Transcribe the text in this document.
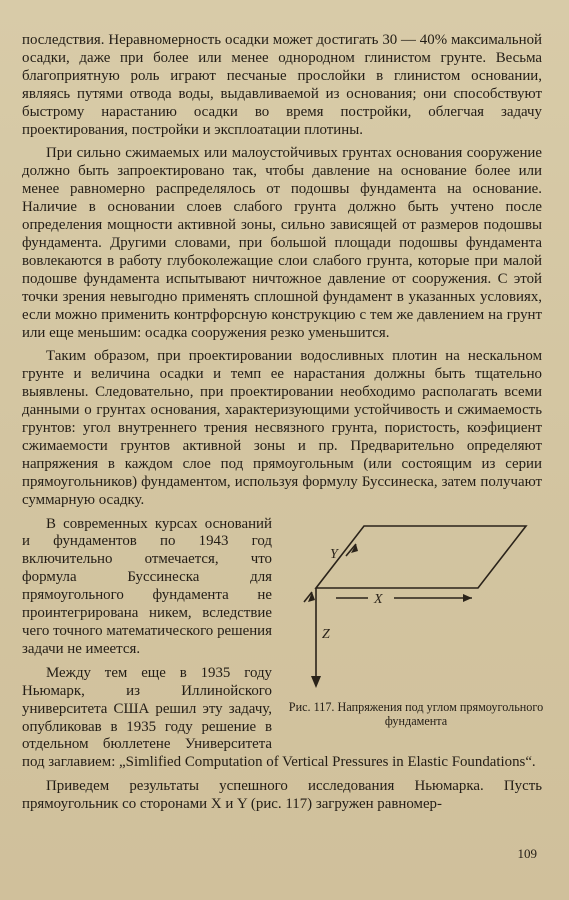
последствия. Неравномерность осадки может достигать 30 — 40% максимальной осадки, даже при более или менее однородном глинистом грунте. Весьма благоприятную роль играют песчаные прослойки в глинистом основании, являясь путями отвода воды, выдавливаемой из основания; они способствуют быстрому нарастанию осадки во время постройки, облегчая задачу проектирования, постройки и эксплоатации плотины.

При сильно сжимаемых или малоустойчивых грунтах основания сооружение должно быть запроектировано так, чтобы давление на основание более или менее равномерно распределялось от подошвы фундамента на основание. Наличие в основании слоев слабого грунта должно быть учтено после определения мощности активной зоны, сильно зависящей от размеров подошвы фундамента. Другими словами, при большой площади подошвы фундамента вовлекаются в работу глубоколежащие слои слабого грунта, которые при малой подошве фундамента испытывают ничтожное давление от сооружения. С этой точки зрения невыгодно применять сплошной фундамент в указанных условиях, если можно применить контрфорсную конструкцию с тем же давлением на грунт или еще меньшим: осадка сооружения резко уменьшится.

Таким образом, при проектировании водосливных плотин на нескальном грунте и величина осадки и темп ее нарастания должны быть тщательно выявлены. Следовательно, при проектировании необходимо располагать всеми данными о грунтах основания, характеризующими устойчивость и сжимаемость грунтов: угол внутреннего трения несвязного грунта, пористость, коэфициент сжимаемости грунтов активной зоны и пр. Предварительно определяют напряжения в каждом слое под прямоугольным (или состоящим из серии прямоугольников) фундаментом, используя формулу Буссинеска, затем получают суммарную осадку.

Y
X
Z
Рис. 117. Напряжения под углом прямоугольного фундамента

В современных курсах оснований и фундаментов по 1943 год включительно отмечается, что формула Буссинеска для прямоугольного фундамента не проинтегрирована никем, вследствие чего точного математического решения задачи не имеется.

Между тем еще в 1935 году Ньюмарк, из Иллинойского университета США решил эту задачу, опубликовав в 1935 году решение в отдельном бюллетене Университета под заглавием: „Simlified Computation of Vertical Pressures in Elastic Foundations“.

Приведем результаты успешного исследования Ньюмарка. Пусть прямоугольник со сторонами X и Y (рис. 117) загружен равномер-

109
